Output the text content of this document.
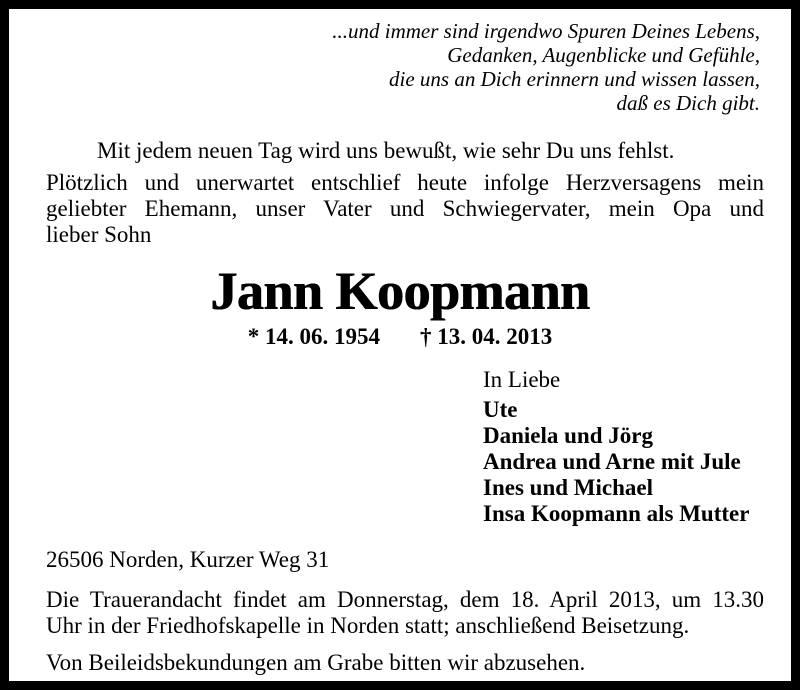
...und immer sind irgendwo Spuren Deines Lebens,
Gedanken, Augenblicke und Gefühle,
die uns an Dich erinnern und wissen lassen,
daß es Dich gibt.
Mit jedem neuen Tag wird uns bewußt, wie sehr Du uns fehlst.
Plötzlich und unerwartet entschlief heute infolge Herzversagens mein
geliebter Ehemann, unser Vater und Schwiegervater, mein Opa und
lieber Sohn
Jann Koopmann
* 14. 06. 1954 † 13. 04. 2013
In Liebe
Ute
Daniela und Jörg
Andrea und Arne mit Jule
Ines und Michael
Insa Koopmann als Mutter
26506 Norden, Kurzer Weg 31
Die Trauerandacht findet am Donnerstag, dem 18. April 2013, um 13.30
Uhr in der Friedhofskapelle in Norden statt; anschließend Beisetzung.
Von Beileidsbekundungen am Grabe bitten wir abzusehen.
